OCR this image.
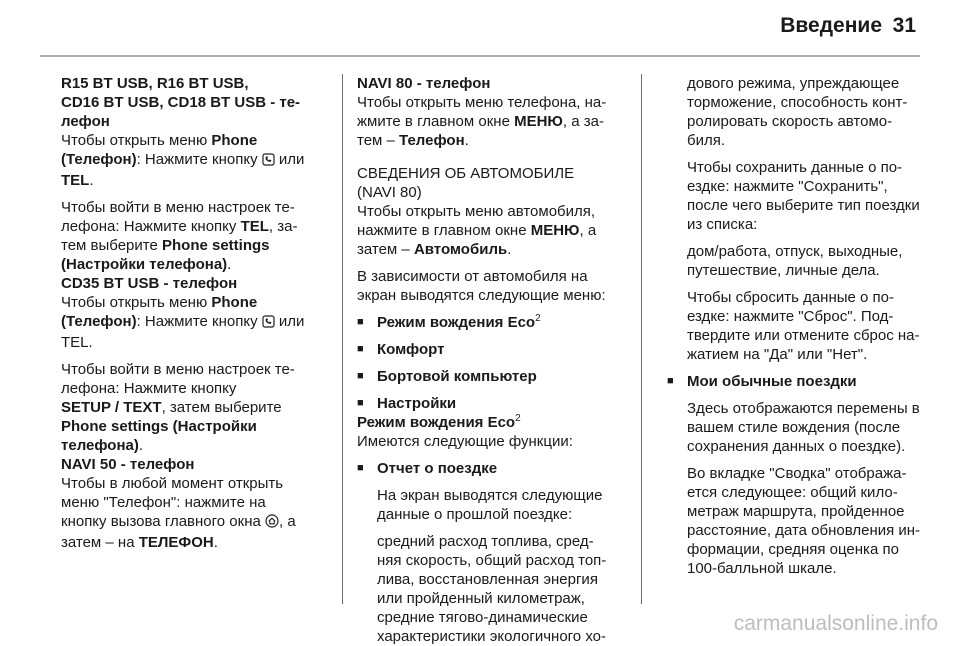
Введение 31
R15 BT USB, R16 BT USB,
CD16 BT USB, CD18 BT USB - те-
лефон
Чтобы открыть меню Phone
(Телефон): Нажмите кнопку  или
TEL.
Чтобы войти в меню настроек те-
лефона: Нажмите кнопку TEL, за-
тем выберите Phone settings
(Настройки телефона).
CD35 BT USB - телефон
Чтобы открыть меню Phone
(Телефон): Нажмите кнопку  или
TEL.
Чтобы войти в меню настроек те-
лефона: Нажмите кнопку
SETUP / TEXT, затем выберите
Phone settings (Настройки
телефона).
NAVI 50 - телефон
Чтобы в любой момент открыть
меню "Телефон": нажмите на
кнопку вызова главного окна , а
затем – на ТЕЛЕФОН.
NAVI 80 - телефон
Чтобы открыть меню телефона, на-
жмите в главном окне МЕНЮ, а за-
тем – Телефон.
СВЕДЕНИЯ ОБ АВТОМОБИЛЕ
(NAVI 80)
Чтобы открыть меню автомобиля,
нажмите в главном окне МЕНЮ, а
затем – Автомобиль.
В зависимости от автомобиля на
экран выводятся следующие меню:
■ Режим вождения Eco$^2$
■ Комфорт
■ Бортовой компьютер
■ Настройки
Режим вождения Eco$^2$
Имеются следующие функции:
■ Отчет о поездке
На экран выводятся следующие
данные о прошлой поездке:
средний расход топлива, сред-
няя скорость, общий расход топ-
лива, восстановленная энергия
или пройденный километраж,
средние тягово-динамические
характеристики экологичного хо-
дового режима, упреждающее
торможение, способность конт-
ролировать скорость автомо-
биля.
Чтобы сохранить данные о по-
ездке: нажмите "Сохранить",
после чего выберите тип поездки
из списка:
дом/работа, отпуск, выходные,
путешествие, личные дела.
Чтобы сбросить данные о по-
ездке: нажмите "Сброс". Под-
твердите или отмените сброс на-
жатием на "Да" или "Нет".
■ Мои обычные поездки
Здесь отображаются перемены в
вашем стиле вождения (после
сохранения данных о поездке).
Во вкладке "Сводка" отобража-
ется следующее: общий кило-
метраж маршрута, пройденное
расстояние, дата обновления ин-
формации, средняя оценка по
100-балльной шкале.
carmanualsonline.info
